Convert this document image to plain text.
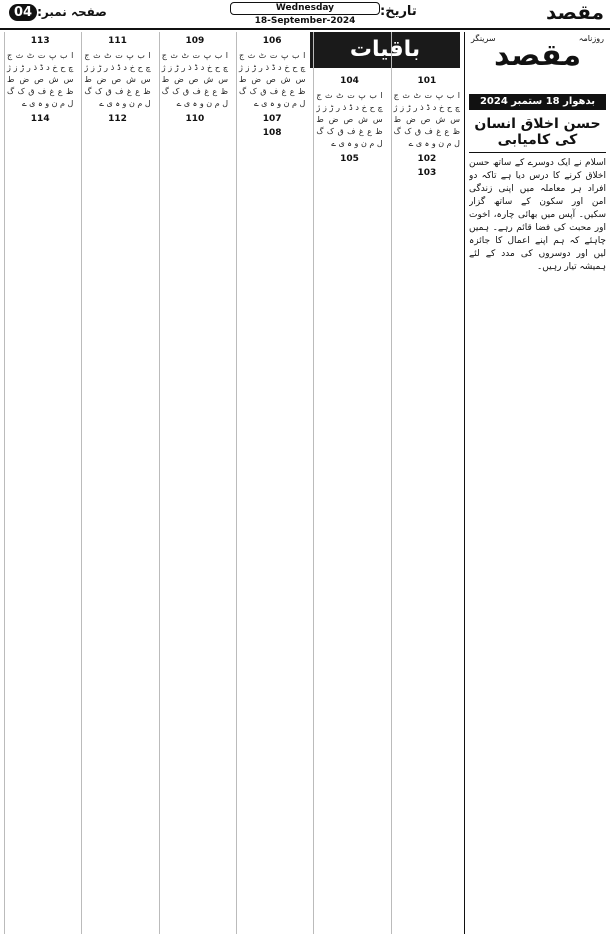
صفحہ نمبر:04	Wednesday
18-September-2024
تاریخ:	مقصد
باقیات
101
ا ب پ ت ٹ ث ج چ ح خ د ڈ ذ ر ڑ ز ژ س ش ص ض ط ظ ع غ ف ق ک گ ل م ن و ہ ی ے
102
103
104
ا ب پ ت ٹ ث ج چ ح خ د ڈ ذ ر ڑ ز ژ س ش ص ض ط ظ ع غ ف ق ک گ ل م ن و ہ ی ے
105
106
ا ب پ ت ٹ ث ج چ ح خ د ڈ ذ ر ڑ ز ژ س ش ص ض ط ظ ع غ ف ق ک گ ل م ن و ہ ی ے
107
108
109
ا ب پ ت ٹ ث ج چ ح خ د ڈ ذ ر ڑ ز ژ س ش ص ض ط ظ ع غ ف ق ک گ ل م ن و ہ ی ے
110
111
ا ب پ ت ٹ ث ج چ ح خ د ڈ ذ ر ڑ ز ژ س ش ص ض ط ظ ع غ ف ق ک گ ل م ن و ہ ی ے
112
113
ا ب پ ت ٹ ث ج چ ح خ د ڈ ذ ر ڑ ز ژ س ش ص ض ط ظ ع غ ف ق ک گ ل م ن و ہ ی ے
114
روزنامہ
سرینگر
مقصد
بدھوار 18 ستمبر 2024
حسن اخلاق انسان کی کامیابی
اسلام نے ایک دوسرے کے ساتھ حسن اخلاق کرنے کا درس دیا ہے تاکہ دو افراد ہر معاملہ میں اپنی زندگی امن اور سکون کے ساتھ گزار سکیں۔ آپس میں بھائی چارہ، اخوت اور محبت کی فضا قائم رہے۔ ہمیں چاہئے کہ ہم اپنے اعمال کا جائزہ لیں اور دوسروں کی مدد کے لئے ہمیشہ تیار رہیں۔
